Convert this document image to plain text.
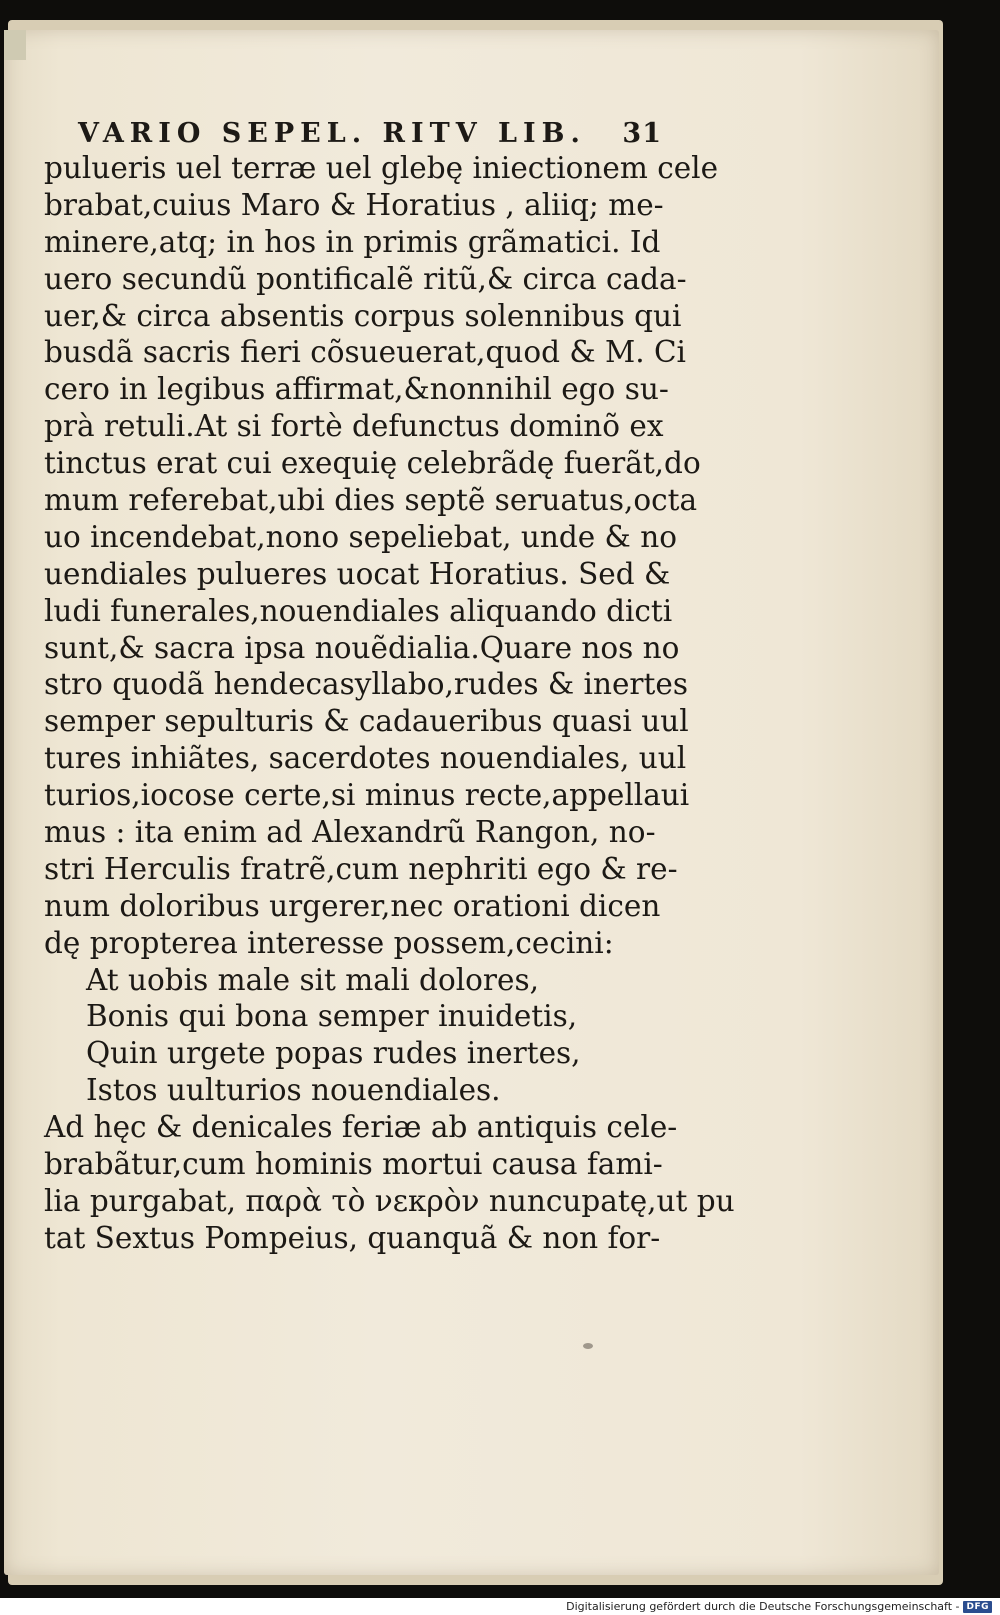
VARIO SEPEL. RITV LIB. 31
pulueris uel terræ uel glebę iniectionem cele
brabat,cuius Maro & Horatius , aliiq; me-
minere,atq; in hos in primis grãmatici. Id
uero secundũ pontificalẽ ritũ,& circa cada-
uer,& circa absentis corpus solennibus qui
busdã sacris fieri cõsueuerat,quod & M. Ci
cero in legibus affirmat,&nonnihil ego su-
prà retuli.At si fortè defunctus dominõ ex
tinctus erat cui exequię celebrãdę fuerãt,do
mum referebat,ubi dies septẽ seruatus,octa
uo incendebat,nono sepeliebat, unde & no
uendiales pulueres uocat Horatius. Sed &
ludi funerales,nouendiales aliquando dicti
sunt,& sacra ipsa nouẽdialia.Quare nos no
stro quodã hendecasyllabo,rudes & inertes
semper sepulturis & cadaueribus quasi uul
tures inhiãtes, sacerdotes nouendiales, uul
turios,iocose certe,si minus recte,appellaui
mus : ita enim ad Alexandrũ Rangon, no-
stri Herculis fratrẽ,cum nephriti ego & re-
num doloribus urgerer,nec orationi dicen
dę propterea interesse possem,cecini:
At uobis male sit mali dolores,
Bonis qui bona semper inuidetis,
Quin urgete popas rudes inertes,
Istos uulturios nouendiales.
Ad hęc & denicales feriæ ab antiquis cele-
brabãtur,cum hominis mortui causa fami-
lia purgabat, παρὰ τὸ νεκρὸν nuncupatę,ut pu
tat Sextus Pompeius, quanquã & non for-
Digitalisierung gefördert durch die Deutsche Forschungsgemeinschaft - DFG
